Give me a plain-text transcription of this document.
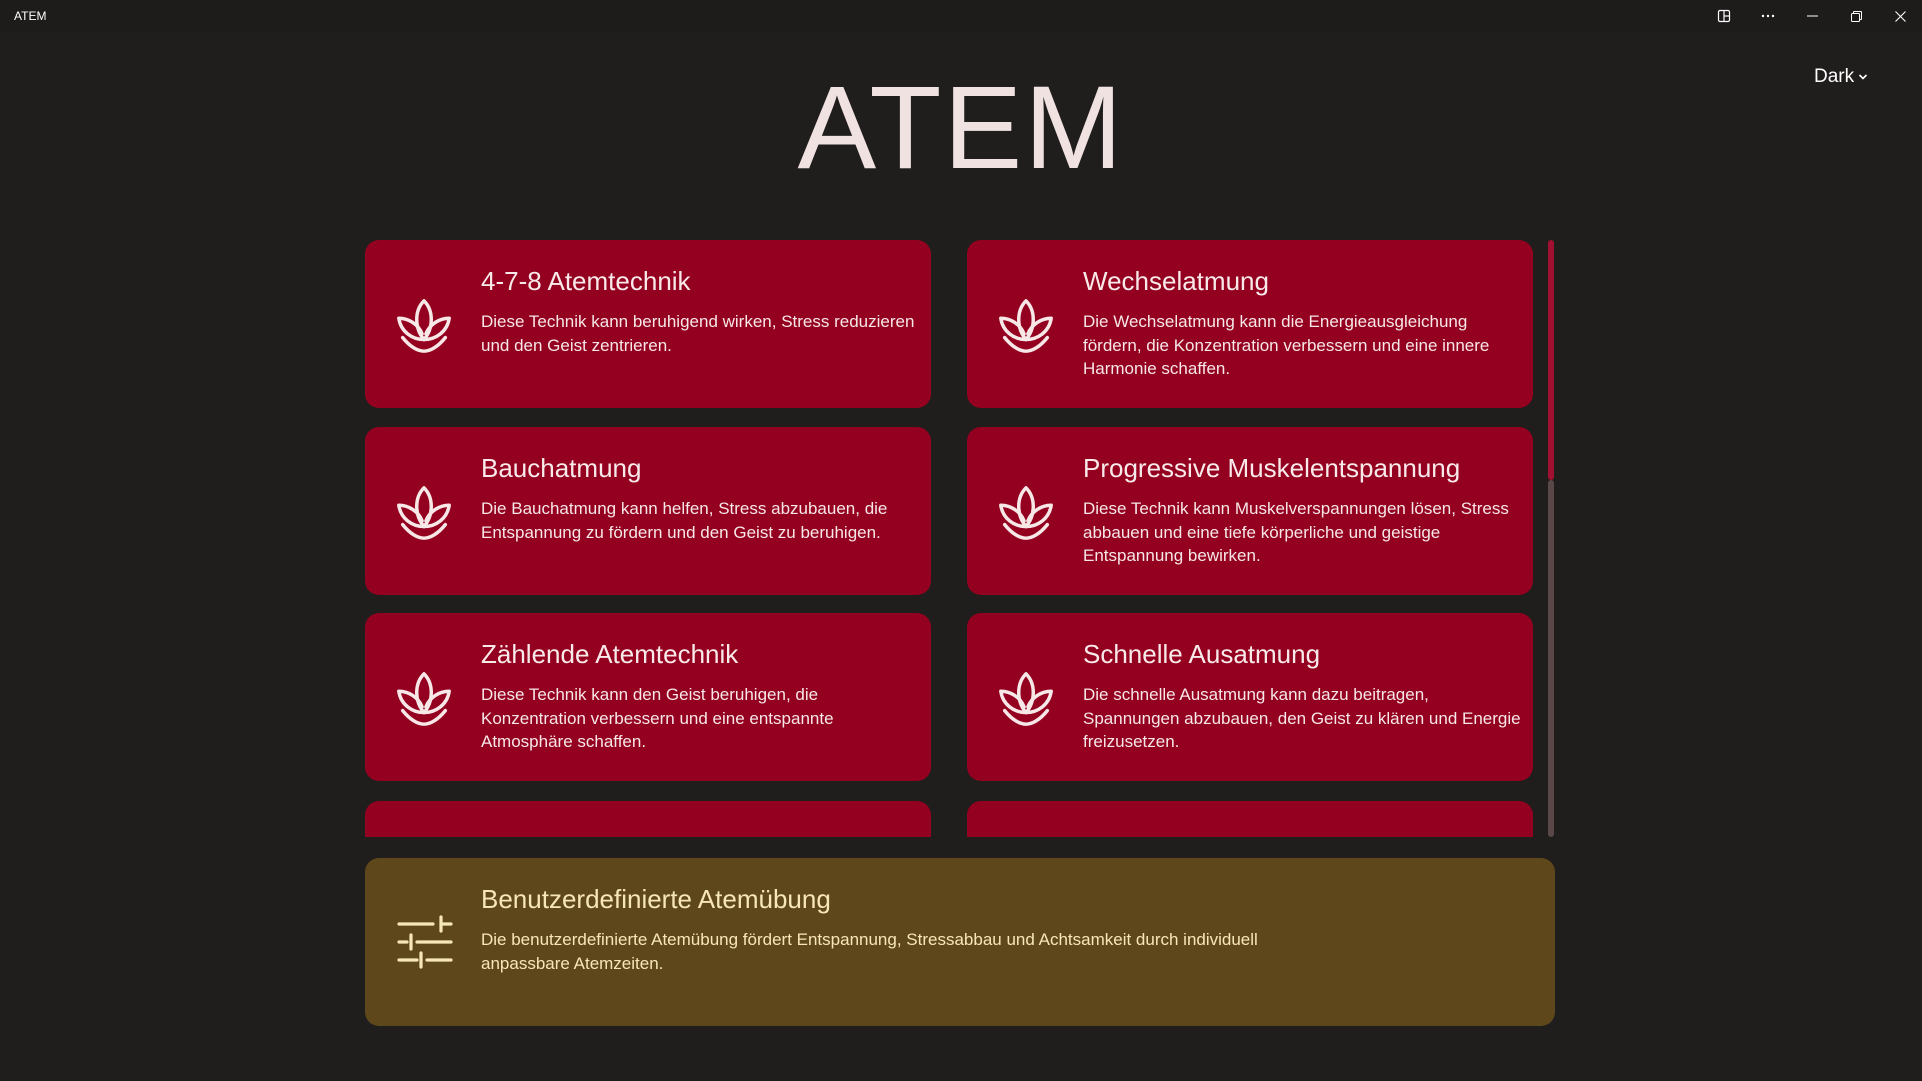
ATEM
Dark
ATEM
4-7-8 Atemtechnik
Diese Technik kann beruhigend wirken, Stress reduzieren und den Geist zentrieren.
Wechselatmung
Die Wechselatmung kann die Energieausgleichung fördern, die Konzentration verbessern und eine innere Harmonie schaffen.
Bauchatmung
Die Bauchatmung kann helfen, Stress abzubauen, die Entspannung zu fördern und den Geist zu beruhigen.
Progressive Muskelentspannung
Diese Technik kann Muskelverspannungen lösen, Stress abbauen und eine tiefe körperliche und geistige Entspannung bewirken.
Zählende Atemtechnik
Diese Technik kann den Geist beruhigen, die Konzentration verbessern und eine entspannte Atmosphäre schaffen.
Schnelle Ausatmung
Die schnelle Ausatmung kann dazu beitragen, Spannungen abzubauen, den Geist zu klären und Energie freizusetzen.
Benutzerdefinierte Atemübung
Die benutzerdefinierte Atemübung fördert Entspannung, Stressabbau und Achtsamkeit durch individuell anpassbare Atemzeiten.
